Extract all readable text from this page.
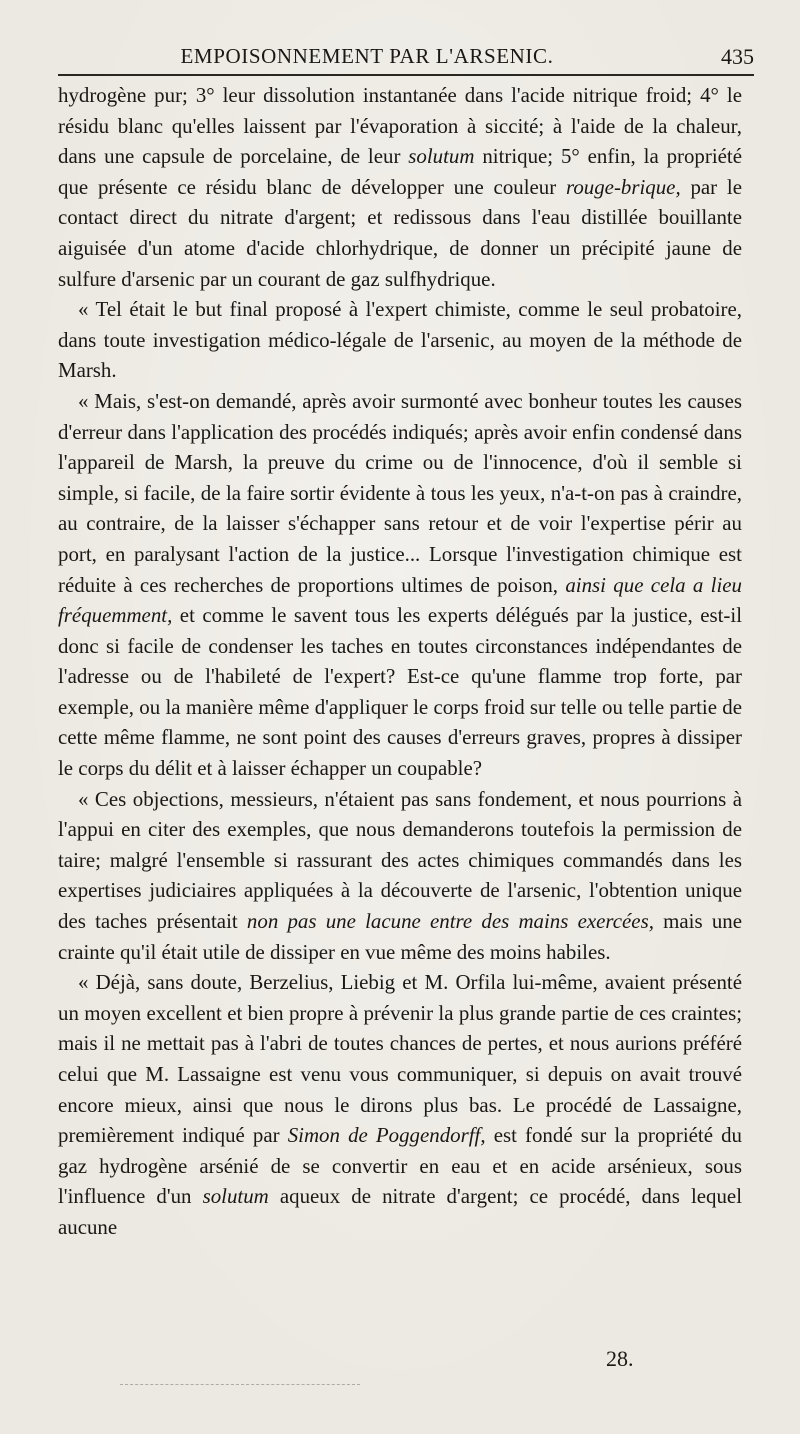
EMPOISONNEMENT PAR L'ARSENIC.	435

hydrogène pur; 3° leur dissolution instantanée dans l'acide nitrique froid; 4° le résidu blanc qu'elles laissent par l'évaporation à siccité; à l'aide de la chaleur, dans une capsule de porcelaine, de leur solutum nitrique; 5° enfin, la propriété que présente ce résidu blanc de développer une couleur rouge-brique, par le contact direct du nitrate d'argent; et redissous dans l'eau distillée bouillante aiguisée d'un atome d'acide chlorhydrique, de donner un précipité jaune de sulfure d'arsenic par un courant de gaz sulfhydrique.

« Tel était le but final proposé à l'expert chimiste, comme le seul probatoire, dans toute investigation médico-légale de l'arsenic, au moyen de la méthode de Marsh.

« Mais, s'est-on demandé, après avoir surmonté avec bonheur toutes les causes d'erreur dans l'application des procédés indiqués; après avoir enfin condensé dans l'appareil de Marsh, la preuve du crime ou de l'innocence, d'où il semble si simple, si facile, de la faire sortir évidente à tous les yeux, n'a-t-on pas à craindre, au contraire, de la laisser s'échapper sans retour et de voir l'expertise périr au port, en paralysant l'action de la justice... Lorsque l'investigation chimique est réduite à ces recherches de proportions ultimes de poison, ainsi que cela a lieu fréquemment, et comme le savent tous les experts délégués par la justice, est-il donc si facile de condenser les taches en toutes circonstances indépendantes de l'adresse ou de l'habileté de l'expert? Est-ce qu'une flamme trop forte, par exemple, ou la manière même d'appliquer le corps froid sur telle ou telle partie de cette même flamme, ne sont point des causes d'erreurs graves, propres à dissiper le corps du délit et à laisser échapper un coupable?

« Ces objections, messieurs, n'étaient pas sans fondement, et nous pourrions à l'appui en citer des exemples, que nous demanderons toutefois la permission de taire; malgré l'ensemble si rassurant des actes chimiques commandés dans les expertises judiciaires appliquées à la découverte de l'arsenic, l'obtention unique des taches présentait non pas une lacune entre des mains exercées, mais une crainte qu'il était utile de dissiper en vue même des moins habiles.

« Déjà, sans doute, Berzelius, Liebig et M. Orfila lui-même, avaient présenté un moyen excellent et bien propre à prévenir la plus grande partie de ces craintes; mais il ne mettait pas à l'abri de toutes chances de pertes, et nous aurions préféré celui que M. Lassaigne est venu vous communiquer, si depuis on avait trouvé encore mieux, ainsi que nous le dirons plus bas. Le procédé de Lassaigne, premièrement indiqué par Simon de Poggendorff, est fondé sur la propriété du gaz hydrogène arsénié de se convertir en eau et en acide arsénieux, sous l'influence d'un solutum aqueux de nitrate d'argent; ce procédé, dans lequel aucune

28.
